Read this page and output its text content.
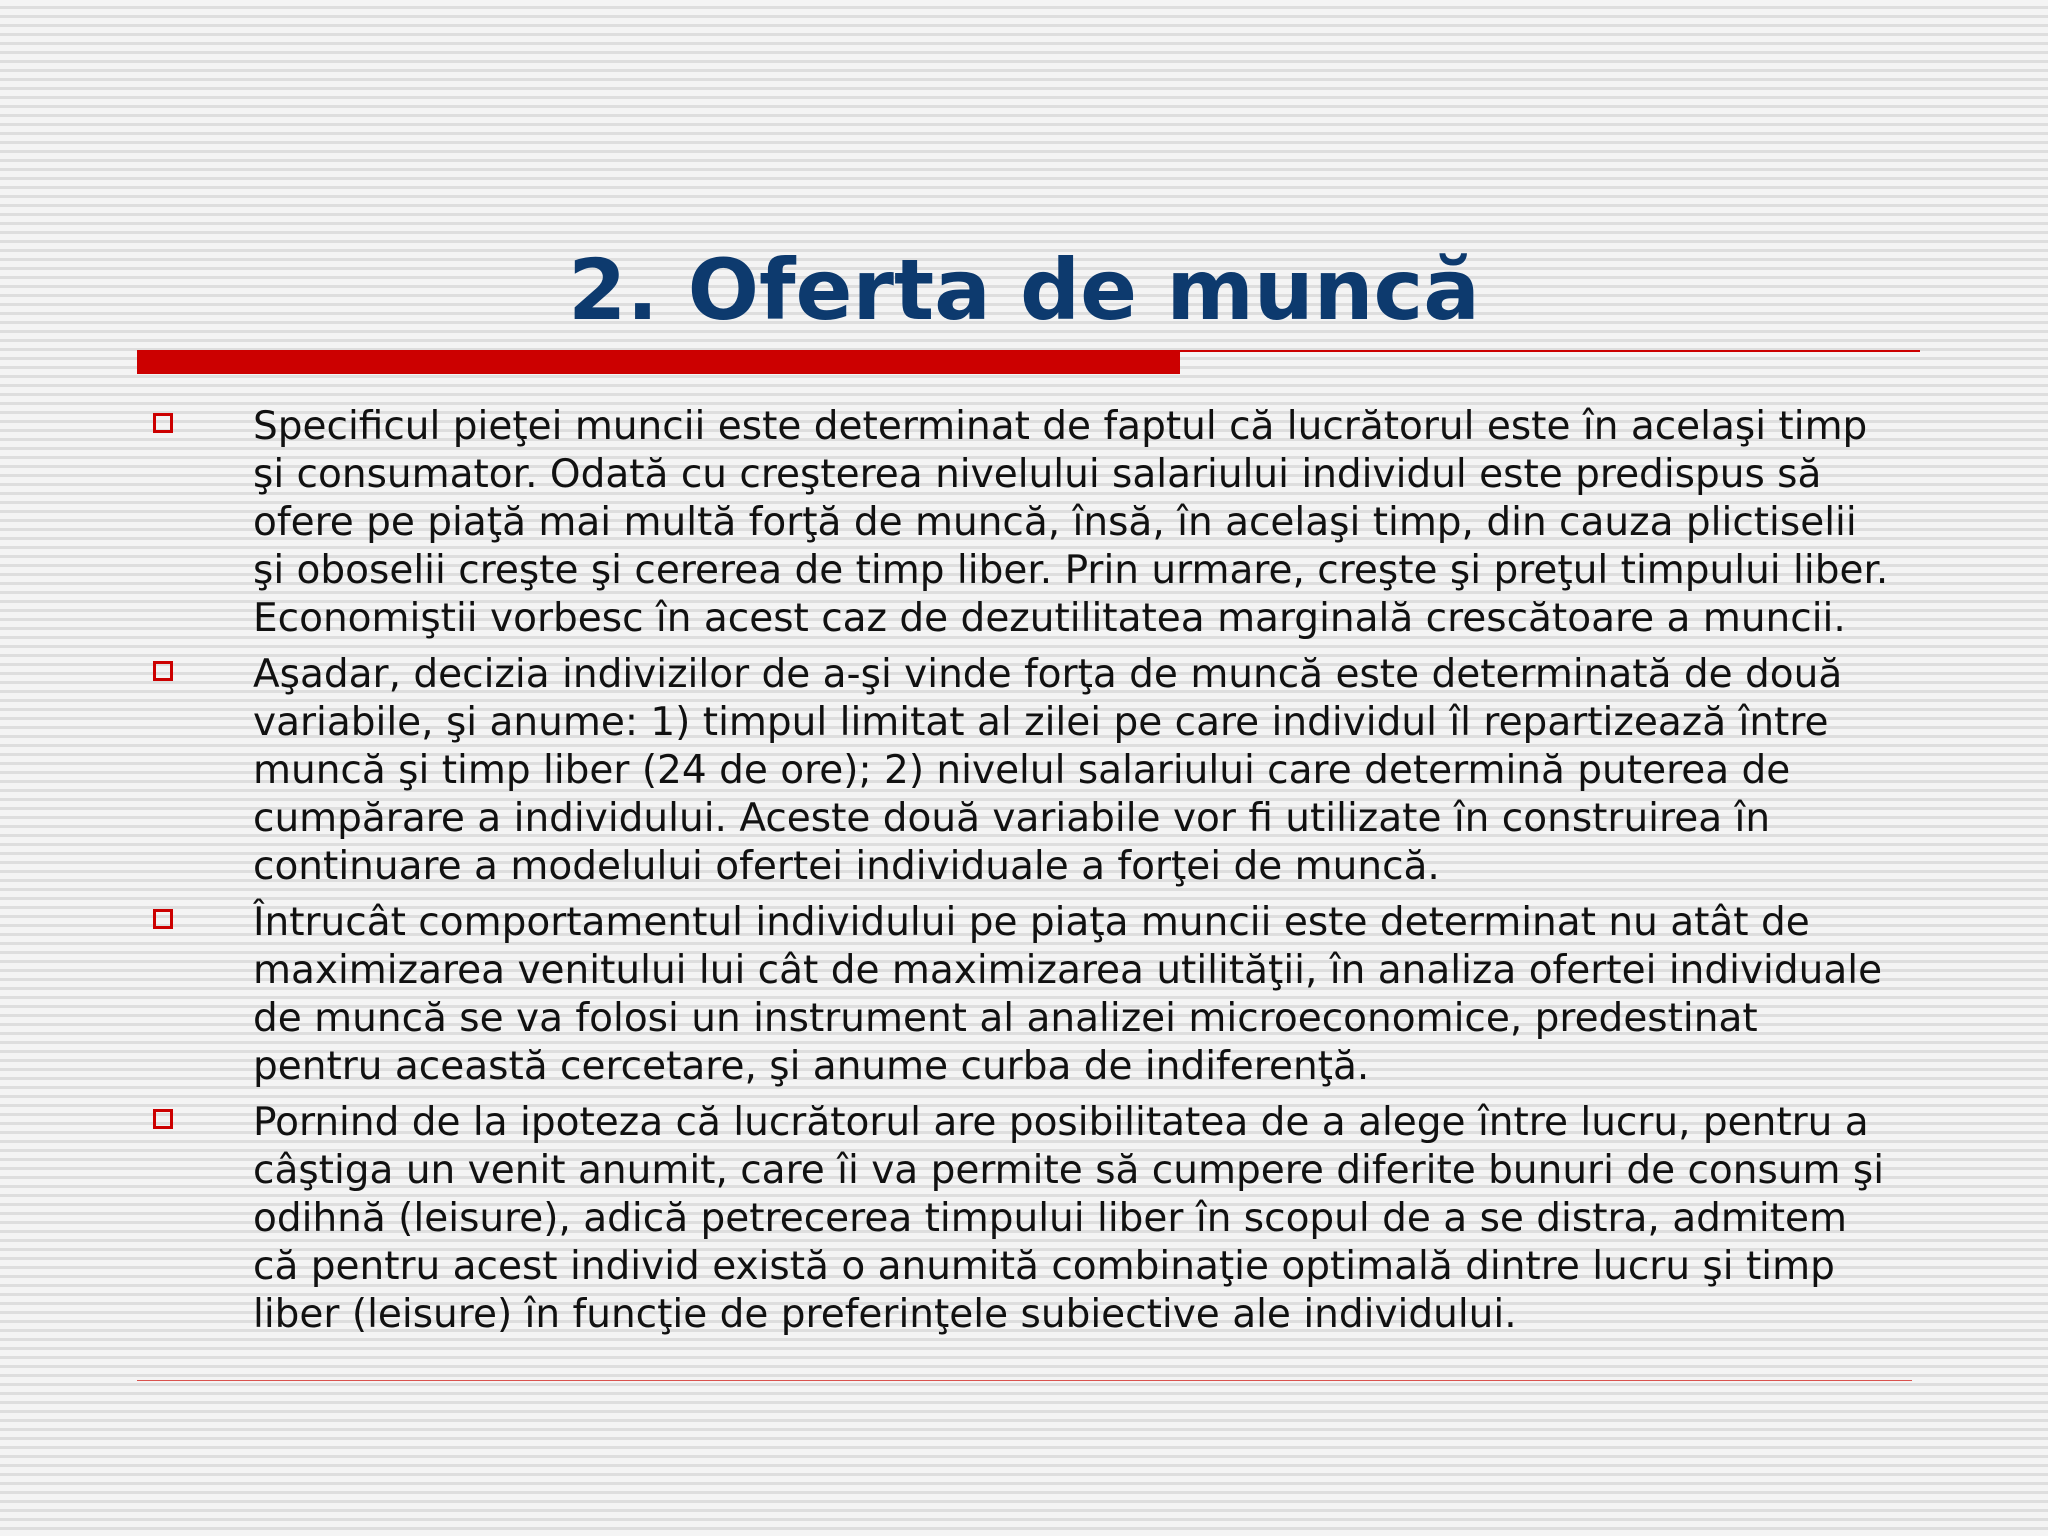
2. Oferta de muncă
Specificul pieţei muncii este determinat de faptul că lucrătorul este în acelaşi timp şi consumator. Odată cu creşterea nivelului salariului individul este predispus să ofere pe piaţă mai multă forţă de muncă, însă, în acelaşi timp, din cauza plictiselii şi oboselii creşte şi cererea de timp liber. Prin urmare, creşte şi preţul timpului liber. Economiştii vorbesc în acest caz de dezutilitatea marginală crescătoare a muncii.
Aşadar, decizia indivizilor de a-şi vinde forţa de muncă este determinată de două variabile, şi anume: 1) timpul limitat al zilei pe care individul îl repartizează între muncă şi timp liber (24 de ore); 2) nivelul salariului care determină puterea de cumpărare a individului. Aceste două variabile vor fi utilizate în construirea în continuare a modelului ofertei individuale a forţei de muncă.
Întrucât comportamentul individului pe piaţa muncii este determinat nu atât de maximizarea venitului lui cât de maximizarea utilităţii, în analiza ofertei individuale de muncă se va folosi un instrument al analizei microeconomice, predestinat pentru această cercetare, şi anume curba de indiferenţă.
Pornind de la ipoteza că lucrătorul are posibilitatea de a alege între lucru, pentru a câştiga un venit anumit, care îi va permite să cumpere diferite bunuri de consum şi odihnă (leisure), adică petrecerea timpului liber în scopul de a se distra, admitem că pentru acest individ există o anumită combinaţie optimală dintre lucru şi timp liber (leisure) în funcţie de preferinţele subiective ale individului.
